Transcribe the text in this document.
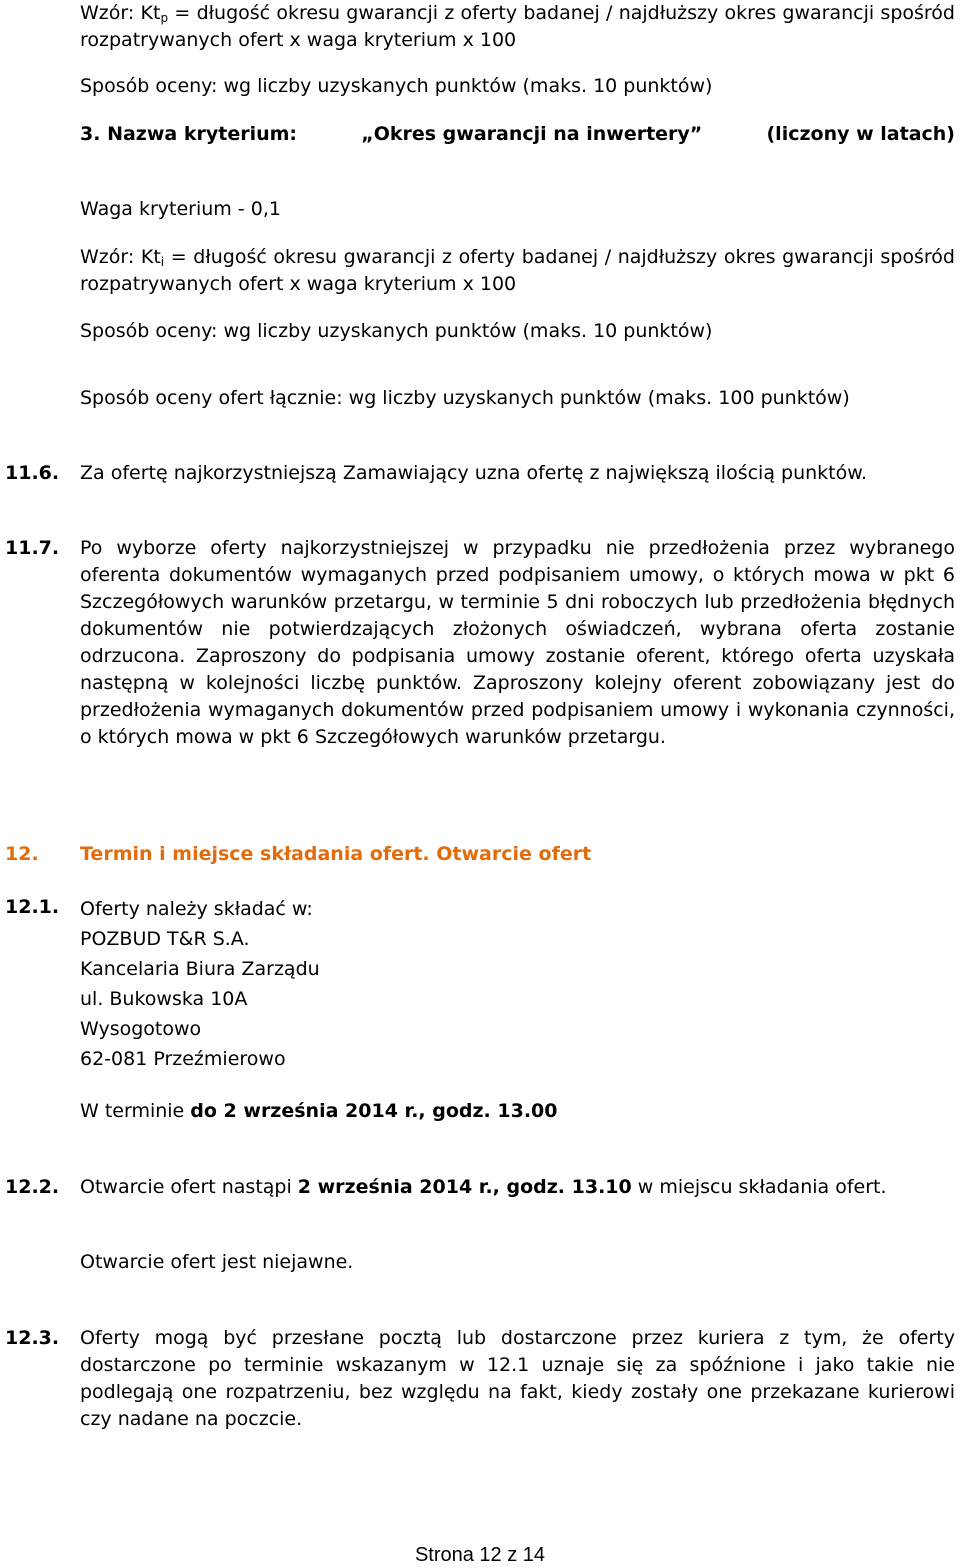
Wzór: $Kt_p$ = długość okresu gwarancji z oferty badanej / najdłuższy okres gwarancji spośród rozpatrywanych ofert x waga kryterium x 100
Sposób oceny: wg liczby uzyskanych punktów (maks. 10 punktów)
3. Nazwa kryterium:	„Okres gwarancji na inwertery”	(liczony w latach)
Waga kryterium - 0,1
Wzór: $Kt_i$ = długość okresu gwarancji z oferty badanej / najdłuższy okres gwarancji spośród rozpatrywanych ofert x waga kryterium x 100
Sposób oceny: wg liczby uzyskanych punktów (maks. 10 punktów)
Sposób oceny ofert łącznie: wg liczby uzyskanych punktów (maks. 100 punktów)
11.6. Za ofertę najkorzystniejszą Zamawiający uzna ofertę z największą ilością punktów.
11.7. Po wyborze oferty najkorzystniejszej w przypadku nie przedłożenia przez wybranego oferenta dokumentów wymaganych przed podpisaniem umowy, o których mowa w pkt 6 Szczegółowych warunków przetargu, w terminie 5 dni roboczych lub przedłożenia błędnych dokumentów nie potwierdzających złożonych oświadczeń, wybrana oferta zostanie odrzucona. Zaproszony do podpisania umowy zostanie oferent, którego oferta uzyskała następną w kolejności liczbę punktów. Zaproszony kolejny oferent zobowiązany jest do przedłożenia wymaganych dokumentów przed podpisaniem umowy i wykonania czynności, o których mowa w pkt 6 Szczegółowych warunków przetargu.
12. Termin i miejsce składania ofert. Otwarcie ofert
12.1. Oferty należy składać w:
POZBUD T&R S.A.
Kancelaria Biura Zarządu
ul. Bukowska 10A
Wysogotowo
62-081 Przeźmierowo
W terminie do 2 września 2014 r., godz. 13.00
12.2. Otwarcie ofert nastąpi 2 września 2014 r., godz. 13.10 w miejscu składania ofert.
Otwarcie ofert jest niejawne.
12.3. Oferty mogą być przesłane pocztą lub dostarczone przez kuriera z tym, że oferty dostarczone po terminie wskazanym w 12.1 uznaje się za spóźnione i jako takie nie podlegają one rozpatrzeniu, bez względu na fakt, kiedy zostały one przekazane kurierowi czy nadane na poczcie.
Strona 12 z 14
